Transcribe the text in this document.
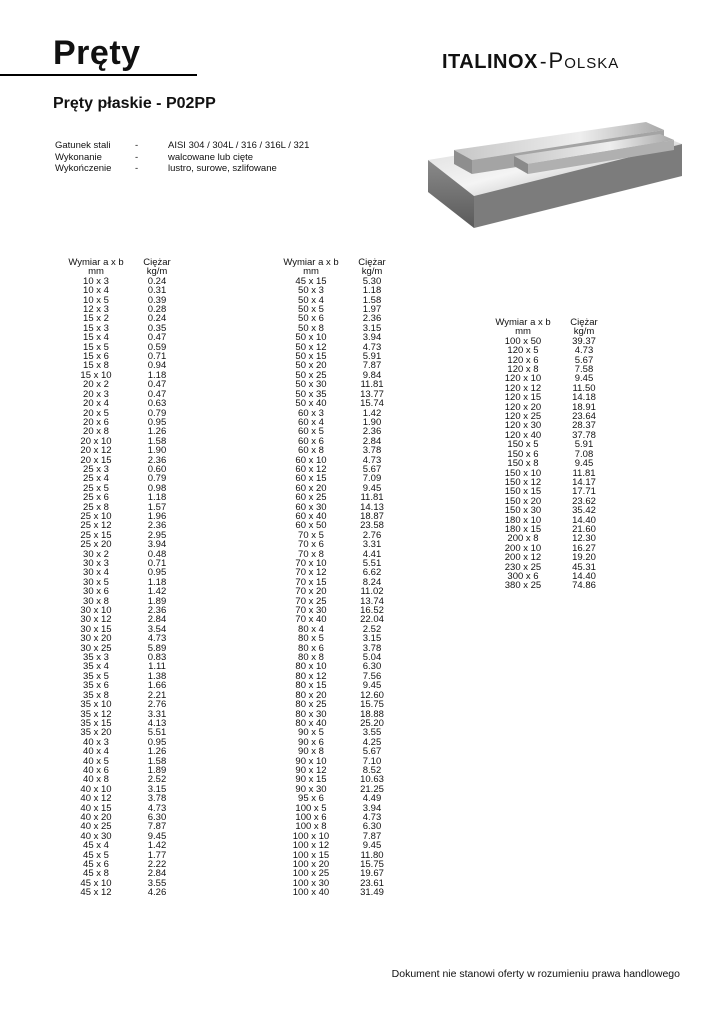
Pręty	ITALINOX -Polska
Pręty płaskie - P02PP
Gatunek stali	-	AISI 304 / 304L / 316 / 316L / 321
Wykonanie	-	walcowane lub cięte
Wykończenie	-	lustro, surowe, szlifowane
Wymiar a x b	Ciężar
mm	kg/m
10 x 3	0.24
10 x 4	0.31
10 x 5	0.39
12 x 3	0.28
15 x 2	0.24
15 x 3	0.35
15 x 4	0.47
15 x 5	0.59
15 x 6	0.71
15 x 8	0.94
15 x 10	1.18
20 x 2	0.47
20 x 3	0.47
20 x 4	0.63
20 x 5	0.79
20 x 6	0.95
20 x 8	1.26
20 x 10	1.58
20 x 12	1.90
20 x 15	2.36
25 x 3	0.60
25 x 4	0.79
25 x 5	0.98
25 x 6	1.18
25 x 8	1.57
25 x 10	1.96
25 x 12	2.36
25 x 15	2.95
25 x 20	3.94
30 x 2	0.48
30 x 3	0.71
30 x 4	0.95
30 x 5	1.18
30 x 6	1.42
30 x 8	1.89
30 x 10	2.36
30 x 12	2.84
30 x 15	3.54
30 x 20	4.73
30 x 25	5.89
35 x 3	0.83
35 x 4	1.11
35 x 5	1.38
35 x 6	1.66
35 x 8	2.21
35 x 10	2.76
35 x 12	3.31
35 x 15	4.13
35 x 20	5.51
40 x 3	0.95
40 x 4	1.26
40 x 5	1.58
40 x 6	1.89
40 x 8	2.52
40 x 10	3.15
40 x 12	3.78
40 x 15	4.73
40 x 20	6.30
40 x 25	7.87
40 x 30	9.45
45 x 4	1.42
45 x 5	1.77
45 x 6	2.22
45 x 8	2.84
45 x 10	3.55
45 x 12	4.26
Wymiar a x b	Ciężar
mm	kg/m
45 x 15	5.30
50 x 3	1.18
50 x 4	1.58
50 x 5	1.97
50 x 6	2.36
50 x 8	3.15
50 x 10	3.94
50 x 12	4.73
50 x 15	5.91
50 x 20	7.87
50 x 25	9.84
50 x 30	11.81
50 x 35	13.77
50 x 40	15.74
60 x 3	1.42
60 x 4	1.90
60 x 5	2.36
60 x 6	2.84
60 x 8	3.78
60 x 10	4.73
60 x 12	5.67
60 x 15	7.09
60 x 20	9.45
60 x 25	11.81
60 x 30	14.13
60 x 40	18.87
60 x 50	23.58
70 x 5	2.76
70 x 6	3.31
70 x 8	4.41
70 x 10	5.51
70 x 12	6.62
70 x 15	8.24
70 x 20	11.02
70 x 25	13.74
70 x 30	16.52
70 x 40	22.04
80 x 4	2.52
80 x 5	3.15
80 x 6	3.78
80 x 8	5.04
80 x 10	6.30
80 x 12	7.56
80 x 15	9.45
80 x 20	12.60
80 x 25	15.75
80 x 30	18.88
80 x 40	25.20
90 x 5	3.55
90 x 6	4.25
90 x 8	5.67
90 x 10	7.10
90 x 12	8.52
90 x 15	10.63
90 x 30	21.25
95 x 6	4.49
100 x 5	3.94
100 x 6	4.73
100 x 8	6.30
100 x 10	7.87
100 x 12	9.45
100 x 15	11.80
100 x 20	15.75
100 x 25	19.67
100 x 30	23.61
100 x 40	31.49
Wymiar a x b	Ciężar
mm	kg/m
100 x 50	39.37
120 x 5	4.73
120 x 6	5.67
120 x 8	7.58
120 x 10	9.45
120 x 12	11.50
120 x 15	14.18
120 x 20	18.91
120 x 25	23.64
120 x 30	28.37
120 x 40	37.78
150 x 5	5.91
150 x 6	7.08
150 x 8	9.45
150 x 10	11.81
150 x 12	14.17
150 x 15	17.71
150 x 20	23.62
150 x 30	35.42
180 x 10	14.40
180 x 15	21.60
200 x 8	12.30
200 x 10	16.27
200 x 12	19.20
230 x 25	45.31
300 x 6	14.40
380 x 25	74.86
Dokument nie stanowi oferty w rozumieniu prawa handlowego
